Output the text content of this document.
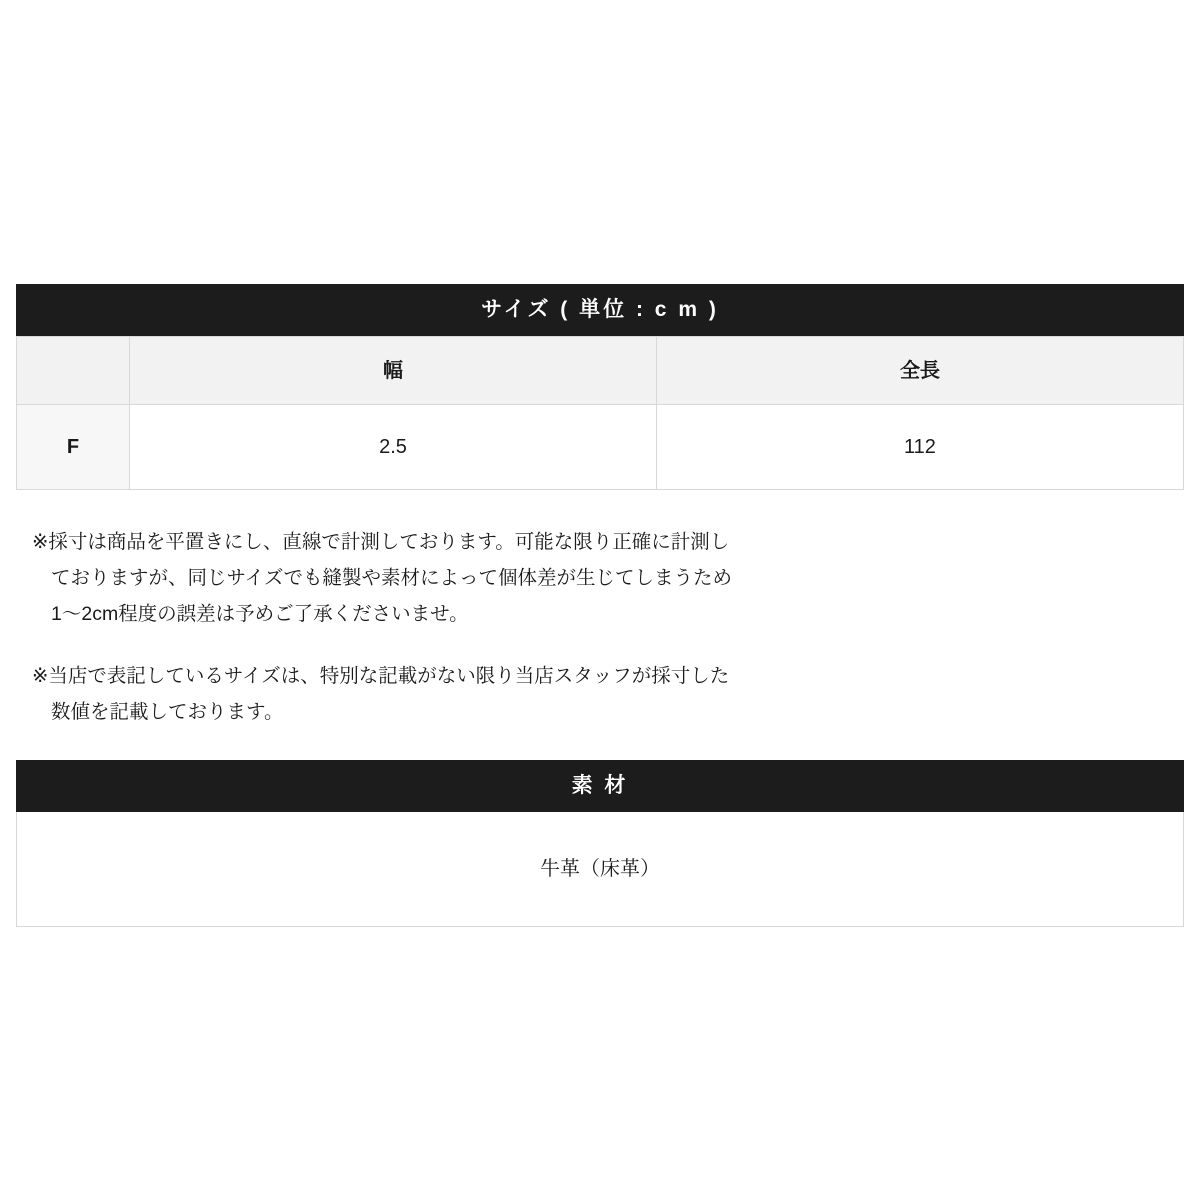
サイズ ( 単位 : c m )
	幅	全長
F	2.5	112

※採寸は商品を平置きにし、直線で計測しております。可能な限り正確に計測し
ておりますが、同じサイズでも縫製や素材によって個体差が生じてしまうため
1〜2cm程度の誤差は予めご了承くださいませ。

※当店で表記しているサイズは、特別な記載がない限り当店スタッフが採寸した
数値を記載しております。

素 材
牛革（床革）
